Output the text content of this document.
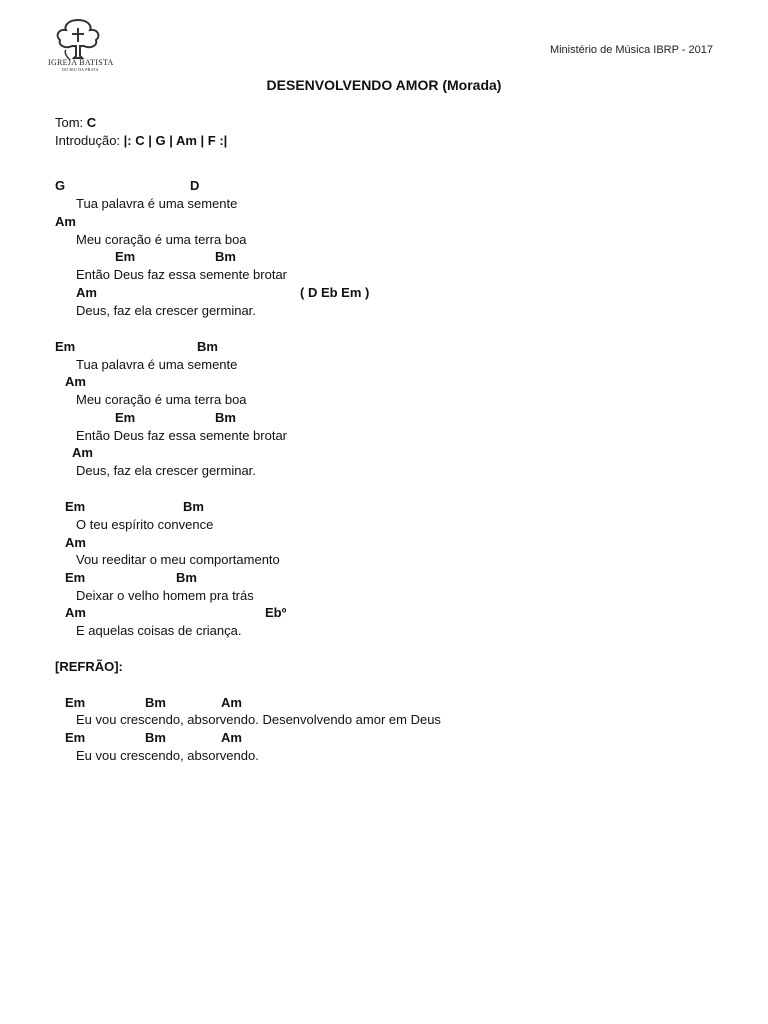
IGREJA BATISTA
DO RIO DA PRATA
Ministério de Música IBRP - 2017
DESENVOLVENDO AMOR (Morada)
Tom: C
Introdução: |: C | G | Am | F :|
G	D
Tua palavra é uma semente
Am
Meu coração é uma terra boa
Em	Bm
Então Deus faz essa semente brotar
Am	( D Eb Em )
Deus, faz ela crescer germinar.
Em	Bm
Tua palavra é uma semente
Am
Meu coração é uma terra boa
Em	Bm
Então Deus faz essa semente brotar
Am
Deus, faz ela crescer germinar.
Em	Bm
O teu espírito convence
Am
Vou reeditar o meu comportamento
Em	Bm
Deixar o velho homem pra trás
Am	Ebº
E aquelas coisas de criança.
[REFRÃO]:
Em	Bm	Am
Eu vou crescendo, absorvendo. Desenvolvendo amor em Deus
Em	Bm	Am
Eu vou crescendo, absorvendo.
